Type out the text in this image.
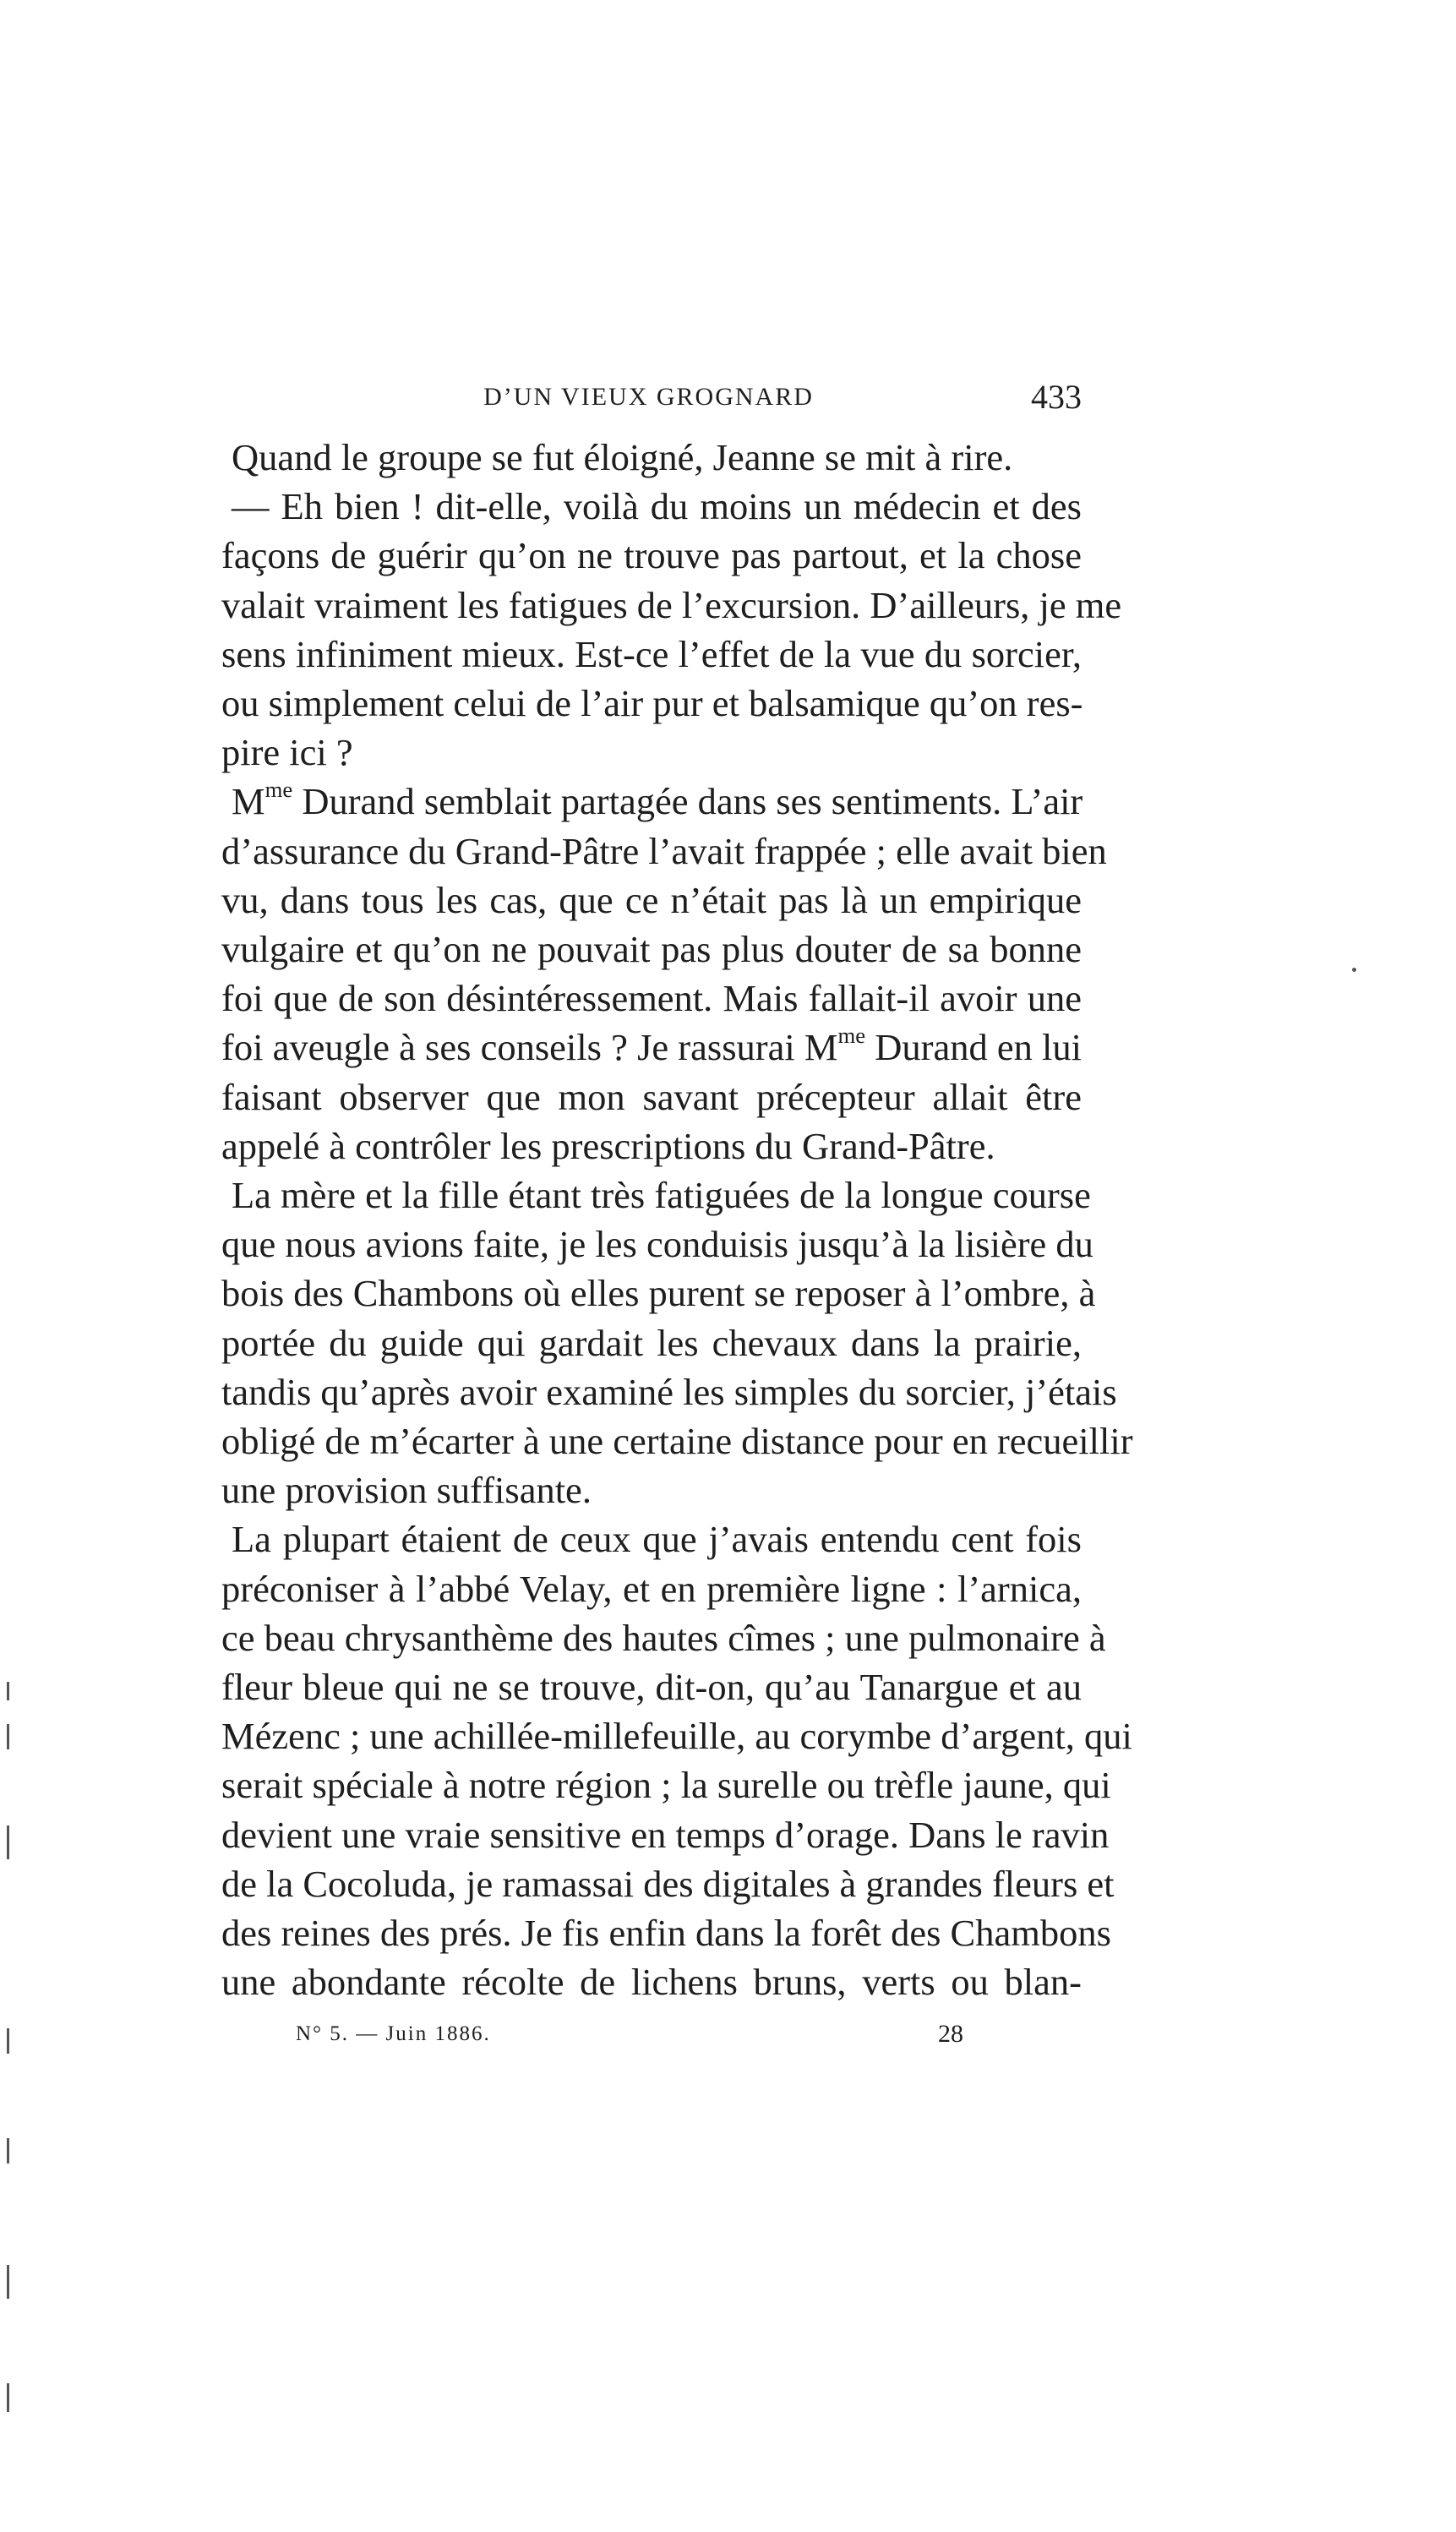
D’UN VIEUX GROGNARD	433
Quand le groupe se fut éloigné, Jeanne se mit à rire.
— Eh bien ! dit-elle, voilà du moins un médecin et des
façons de guérir qu’on ne trouve pas partout, et la chose
valait vraiment les fatigues de l’excursion. D’ailleurs, je me
sens infiniment mieux. Est-ce l’effet de la vue du sorcier,
ou simplement celui de l’air pur et balsamique qu’on res-
pire ici ?
$M^{me}$ Durand semblait partagée dans ses sentiments. L’air
d’assurance du Grand-Pâtre l’avait frappée ; elle avait bien
vu, dans tous les cas, que ce n’était pas là un empirique
vulgaire et qu’on ne pouvait pas plus douter de sa bonne
foi que de son désintéressement. Mais fallait-il avoir une
foi aveugle à ses conseils ? Je rassurai $M^{me}$ Durand en lui
faisant observer que mon savant précepteur allait être
appelé à contrôler les prescriptions du Grand-Pâtre.
La mère et la fille étant très fatiguées de la longue course
que nous avions faite, je les conduisis jusqu’à la lisière du
bois des Chambons où elles purent se reposer à l’ombre, à
portée du guide qui gardait les chevaux dans la prairie,
tandis qu’après avoir examiné les simples du sorcier, j’étais
obligé de m’écarter à une certaine distance pour en recueillir
une provision suffisante.
La plupart étaient de ceux que j’avais entendu cent fois
préconiser à l’abbé Velay, et en première ligne : l’arnica,
ce beau chrysanthème des hautes cîmes ; une pulmonaire à
fleur bleue qui ne se trouve, dit-on, qu’au Tanargue et au
Mézenc ; une achillée-millefeuille, au corymbe d’argent, qui
serait spéciale à notre région ; la surelle ou trèfle jaune, qui
devient une vraie sensitive en temps d’orage. Dans le ravin
de la Cocoluda, je ramassai des digitales à grandes fleurs et
des reines des prés. Je fis enfin dans la forêt des Chambons
une abondante récolte de lichens bruns, verts ou blan-
N° 5. — Juin 1886.	28
